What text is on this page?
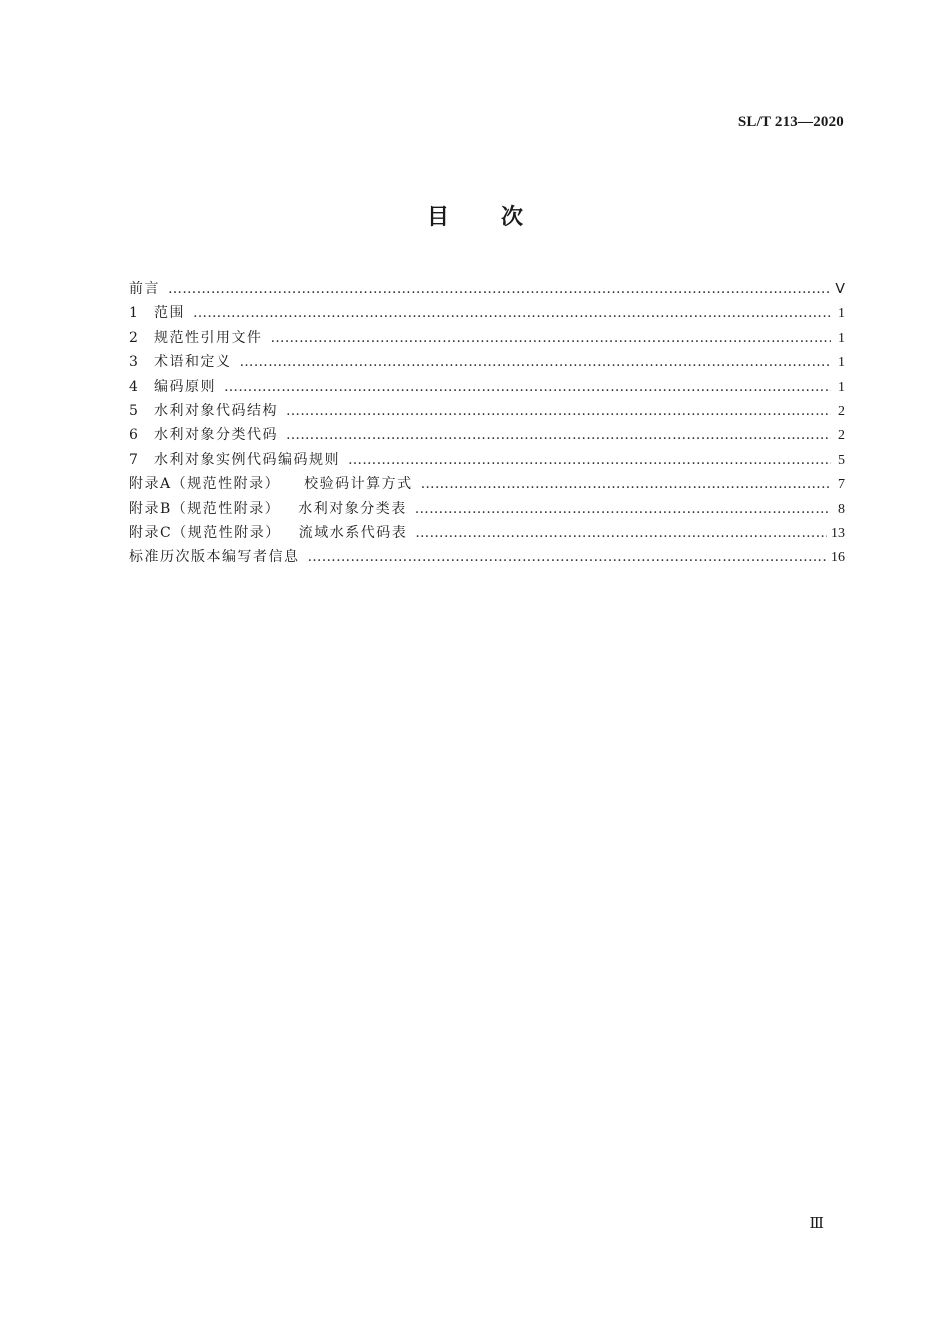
SL/T 213—2020
目 次
前言 ……………………………………………………………………………………………………………………………………………………………………………………………………………………………………	Ⅴ
1	范围 ……………………………………………………………………………………………………………………………………………………………………………………………………………………………………	1
2	规范性引用文件 ……………………………………………………………………………………………………………………………………………………………………………………………………………………………………	1
3	术语和定义 ……………………………………………………………………………………………………………………………………………………………………………………………………………………………………	1
4	编码原则 ……………………………………………………………………………………………………………………………………………………………………………………………………………………………………	1
5	水利对象代码结构 ……………………………………………………………………………………………………………………………………………………………………………………………………………………………………	2
6	水利对象分类代码 ……………………………………………………………………………………………………………………………………………………………………………………………………………………………………	2
7	水利对象实例代码编码规则 ……………………………………………………………………………………………………………………………………………………………………………………………………………………………………	5
附录A（规范性附录） 校验码计算方式 ……………………………………………………………………………………………………………………………………………………………………………………………………………………………………	7
附录B（规范性附录） 水利对象分类表 ……………………………………………………………………………………………………………………………………………………………………………………………………………………………………	8
附录C（规范性附录） 流域水系代码表 ……………………………………………………………………………………………………………………………………………………………………………………………………………………………………	13
标准历次版本编写者信息 ……………………………………………………………………………………………………………………………………………………………………………………………………………………………………	16
Ⅲ
